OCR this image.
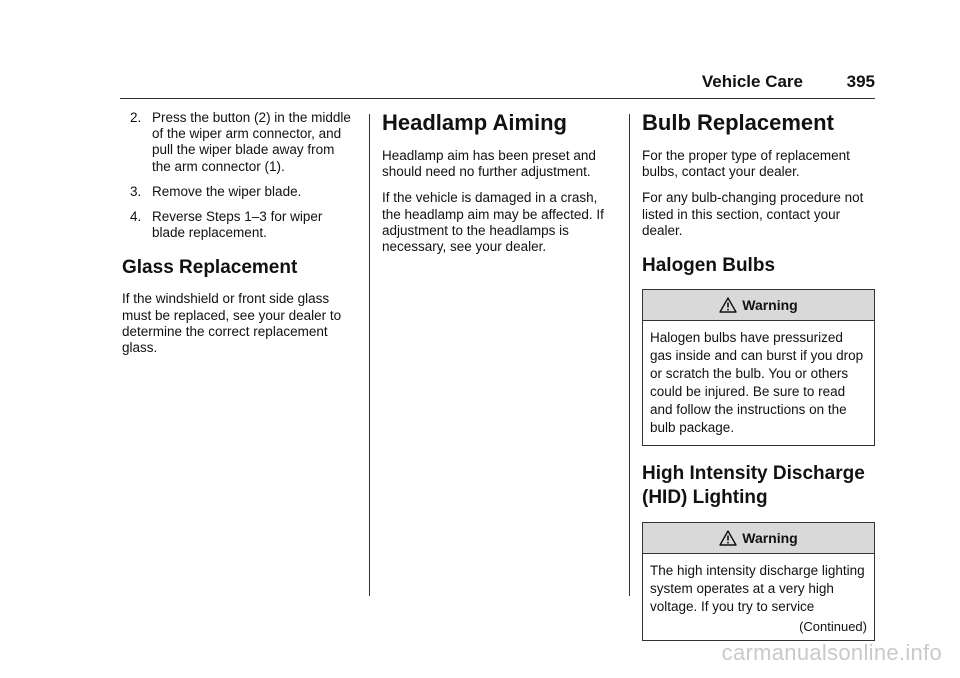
Vehicle Care	395
2. Press the button (2) in the middle of the wiper arm connector, and pull the wiper blade away from the arm connector (1).
3. Remove the wiper blade.
4. Reverse Steps 1–3 for wiper blade replacement.
Glass Replacement

If the windshield or front side glass must be replaced, see your dealer to determine the correct replacement glass.

Headlamp Aiming

Headlamp aim has been preset and should need no further adjustment.

If the vehicle is damaged in a crash, the headlamp aim may be affected. If adjustment to the headlamps is necessary, see your dealer.

Bulb Replacement

For the proper type of replacement bulbs, contact your dealer.

For any bulb-changing procedure not listed in this section, contact your dealer.

Halogen Bulbs
Warning
Halogen bulbs have pressurized gas inside and can burst if you drop or scratch the bulb. You or others could be injured. Be sure to read and follow the instructions on the bulb package.
High Intensity Discharge (HID) Lighting
Warning
The high intensity discharge lighting system operates at a very high voltage. If you try to service
(Continued)
carmanualsonline.info
